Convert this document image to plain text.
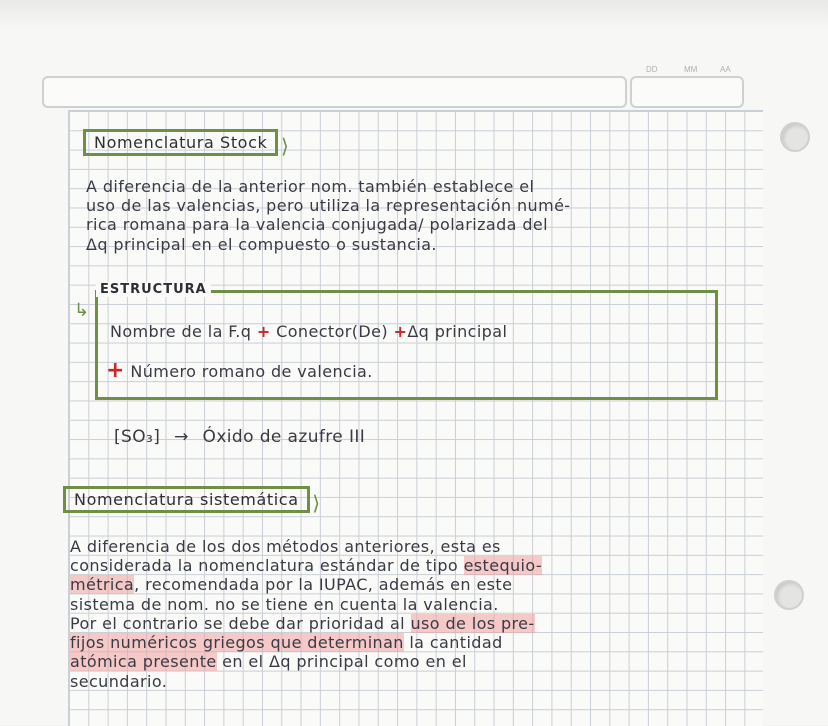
DD	MM	AA
Nomenclatura Stock ⟩
A diferencia de la anterior nom. también establece el
uso de las valencias, pero utiliza la representación numé-
rica romana para la valencia conjugada/ polarizada del
Δq principal en el compuesto o sustancia.
ESTRUCTURA
↳
Nombre de la F.q + Conector(De) +Δq principal
+ Número romano de valencia.
[SO₃] → Óxido de azufre III
Nomenclatura sistemática ⟩
A diferencia de los dos métodos anteriores, esta es
considerada la nomenclatura estándar de tipo estequio-
métrica, recomendada por la IUPAC, además en este
sistema de nom. no se tiene en cuenta la valencia.
Por el contrario se debe dar prioridad al uso de los pre-
fijos numéricos griegos que determinan la cantidad
atómica presente en el Δq principal como en el
secundario.
